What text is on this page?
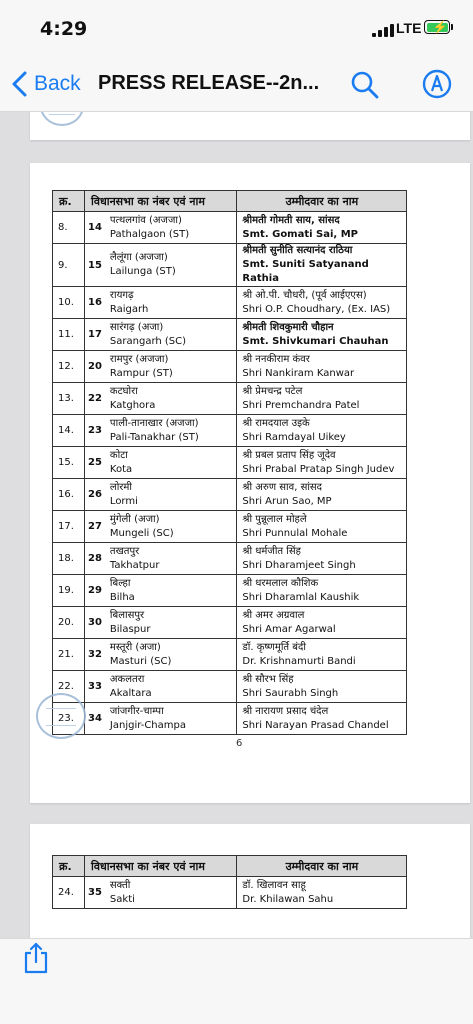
4:29	LTE ⚡
Back PRESS RELEASE--2n...
क्र.	विधानसभा का नंबर एवं नाम		उम्मीदवार का नाम
8.	14	पत्थलगांव (अजजा)
Pathalgaon (ST)	श्रीमती गोमती साय, सांसद
Smt. Gomati Sai, MP

9.	15	लैलूंगा (अजजा)
Lailunga (ST)	श्रीमती सुनीति सत्यानंद राठिया
Smt. Suniti Satyanand Rathia

10.	16	रायगढ़
Raigarh	श्री ओ.पी. चौधरी, (पूर्व आईएएस)
Shri O.P. Choudhary, (Ex. IAS)

11.	17	सारंगढ़ (अजा)
Sarangarh (SC)	श्रीमती शिवकुमारी चौहान
Smt. Shivkumari Chauhan

12.	20	रामपुर (अजजा)
Rampur (ST)	श्री ननकीराम कंवर
Shri Nankiram Kanwar

13.	22	कटघोरा
Katghora	श्री प्रेमचन्द्र पटेल
Shri Premchandra Patel

14.	23	पाली-तानाखार (अजजा)
Pali-Tanakhar (ST)	श्री रामदयाल उइके
Shri Ramdayal Uikey

15.	25	कोटा
Kota	श्री प्रबल प्रताप सिंह जूदेव
Shri Prabal Pratap Singh Judev

16.	26	लोरमी
Lormi	श्री अरुण साव, सांसद
Shri Arun Sao, MP

17.	27	मुंगेली (अजा)
Mungeli (SC)	श्री पुन्नूलाल मोहले
Shri Punnulal Mohale

18.	28	तखतपुर
Takhatpur	श्री धर्मजीत सिंह
Shri Dharamjeet Singh

19.	29	बिल्हा
Bilha	श्री धरमलाल कौशिक
Shri Dharamlal Kaushik

20.	30	बिलासपुर
Bilaspur	श्री अमर अग्रवाल
Shri Amar Agarwal

21.	32	मस्तूरी (अजा)
Masturi (SC)	डॉ. कृष्णमूर्ति बंदी
Dr. Krishnamurti Bandi

22.	33	अकलतरा
Akaltara	श्री सौरभ सिंह
Shri Saurabh Singh

23.	34	जांजगीर-चाम्पा
Janjgir-Champa	श्री नारायण प्रसाद चंदेल
Shri Narayan Prasad Chandel
6
क्र.	विधानसभा का नंबर एवं नाम		उम्मीदवार का नाम
24.	35	सक्ती
Sakti	डॉ. खिलावन साहू
Dr. Khilawan Sahu
